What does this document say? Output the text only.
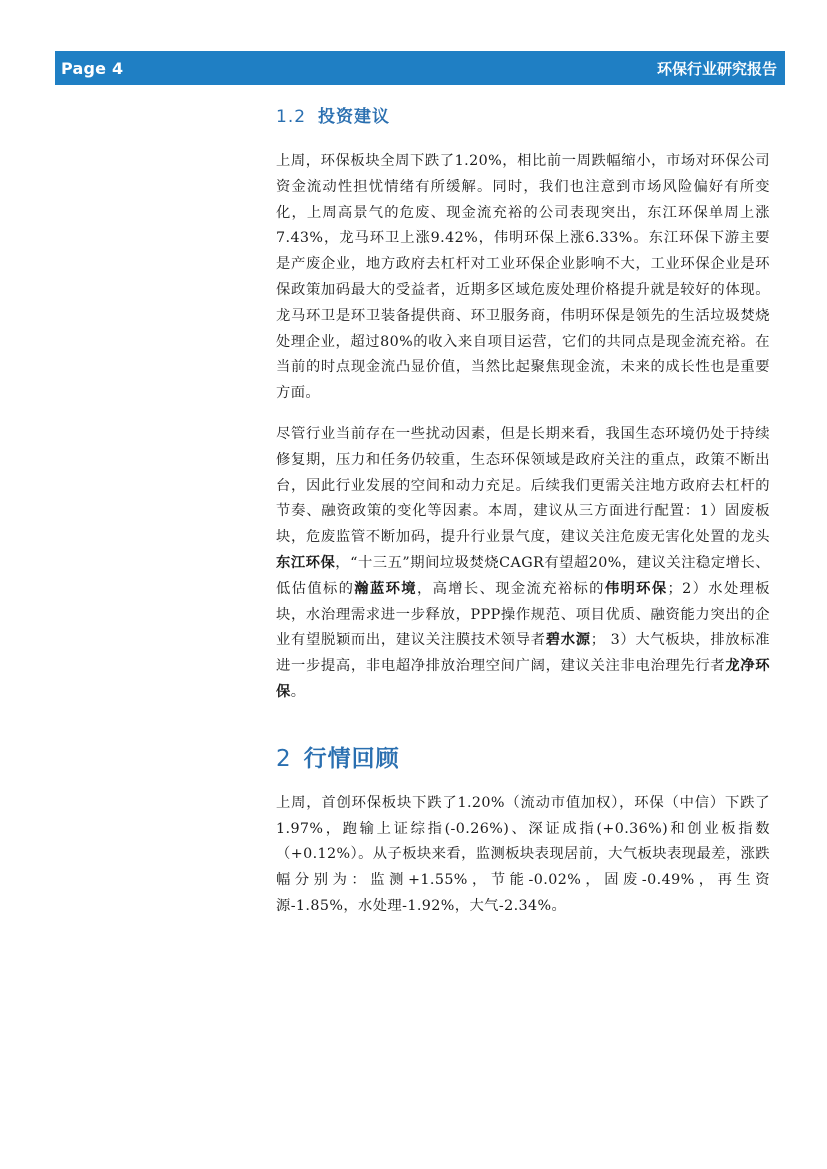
Page 4	环保行业研究报告
1.2 投资建议

上周，环保板块全周下跌了1.20%，相比前一周跌幅缩小，市场对环保公司资金流动性担忧情绪有所缓解。同时，我们也注意到市场风险偏好有所变化，上周高景气的危废、现金流充裕的公司表现突出，东江环保单周上涨7.43%，龙马环卫上涨9.42%，伟明环保上涨6.33%。东江环保下游主要是产废企业，地方政府去杠杆对工业环保企业影响不大，工业环保企业是环保政策加码最大的受益者，近期多区域危废处理价格提升就是较好的体现。龙马环卫是环卫装备提供商、环卫服务商，伟明环保是领先的生活垃圾焚烧处理企业，超过80%的收入来自项目运营，它们的共同点是现金流充裕。在当前的时点现金流凸显价值，当然比起聚焦现金流，未来的成长性也是重要方面。

尽管行业当前存在一些扰动因素，但是长期来看，我国生态环境仍处于持续修复期，压力和任务仍较重，生态环保领域是政府关注的重点，政策不断出台，因此行业发展的空间和动力充足。后续我们更需关注地方政府去杠杆的节奏、融资政策的变化等因素。本周，建议从三方面进行配置：1）固废板块，危废监管不断加码，提升行业景气度，建议关注危废无害化处置的龙头东江环保，“十三五”期间垃圾焚烧CAGR有望超20%，建议关注稳定增长、低估值标的瀚蓝环境，高增长、现金流充裕标的伟明环保；2）水处理板块，水治理需求进一步释放，PPP操作规范、项目优质、融资能力突出的企业有望脱颖而出，建议关注膜技术领导者碧水源； 3）大气板块，排放标准进一步提高，非电超净排放治理空间广阔，建议关注非电治理先行者龙净环保。

2 行情回顾

上周，首创环保板块下跌了1.20%（流动市值加权），环保（中信）下跌了1.97%，跑输上证综指(-0.26%)、深证成指(+0.36%)和创业板指数（+0.12%）。从子板块来看，监测板块表现居前，大气板块表现最差，涨跌幅分别为：监测+1.55%，节能-0.02%，固废-0.49%，再生资源-1.85%，水处理-1.92%，大气-2.34%。
